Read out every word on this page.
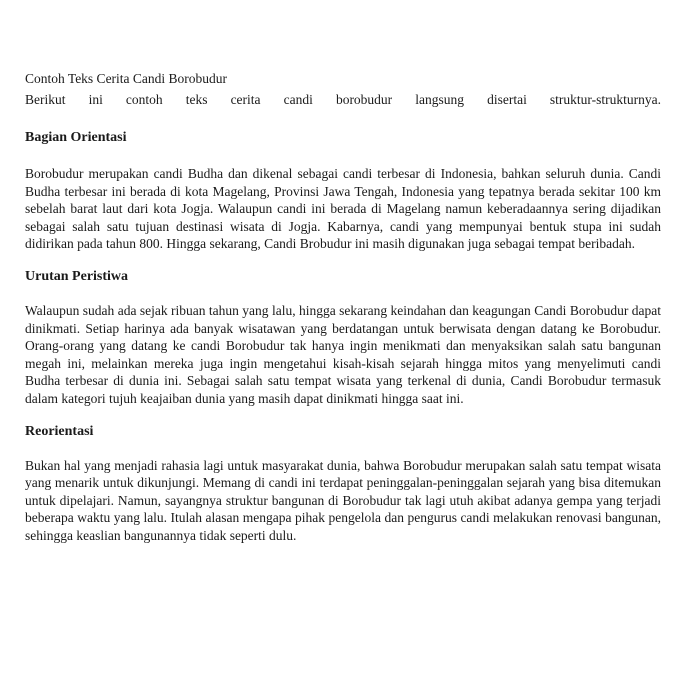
Contoh Teks Cerita Candi Borobudur

Berikut ini contoh teks cerita candi borobudur langsung disertai struktur-strukturnya.

Bagian Orientasi

Borobudur merupakan candi Budha dan dikenal sebagai candi terbesar di Indonesia, bahkan seluruh dunia. Candi Budha terbesar ini berada di kota Magelang, Provinsi Jawa Tengah, Indonesia yang tepatnya berada sekitar 100 km sebelah barat laut dari kota Jogja. Walaupun candi ini berada di Magelang namun keberadaannya sering dijadikan sebagai salah satu tujuan destinasi wisata di Jogja. Kabarnya, candi yang mempunyai bentuk stupa ini sudah didirikan pada tahun 800. Hingga sekarang, Candi Brobudur ini masih digunakan juga sebagai tempat beribadah.

Urutan Peristiwa

Walaupun sudah ada sejak ribuan tahun yang lalu, hingga sekarang keindahan dan keagungan Candi Borobudur dapat dinikmati. Setiap harinya ada banyak wisatawan yang berdatangan untuk berwisata dengan datang ke Borobudur. Orang-orang yang datang ke candi Borobudur tak hanya ingin menikmati dan menyaksikan salah satu bangunan megah ini, melainkan mereka juga ingin mengetahui kisah-kisah sejarah hingga mitos yang menyelimuti candi Budha terbesar di dunia ini. Sebagai salah satu tempat wisata yang terkenal di dunia, Candi Borobudur termasuk dalam kategori tujuh keajaiban dunia yang masih dapat dinikmati hingga saat ini.

Reorientasi

Bukan hal yang menjadi rahasia lagi untuk masyarakat dunia, bahwa Borobudur merupakan salah satu tempat wisata yang menarik untuk dikunjungi. Memang di candi ini terdapat peninggalan-peninggalan sejarah yang bisa ditemukan untuk dipelajari. Namun, sayangnya struktur bangunan di Borobudur tak lagi utuh akibat adanya gempa yang terjadi beberapa waktu yang lalu. Itulah alasan mengapa pihak pengelola dan pengurus candi melakukan renovasi bangunan, sehingga keaslian bangunannya tidak seperti dulu.
